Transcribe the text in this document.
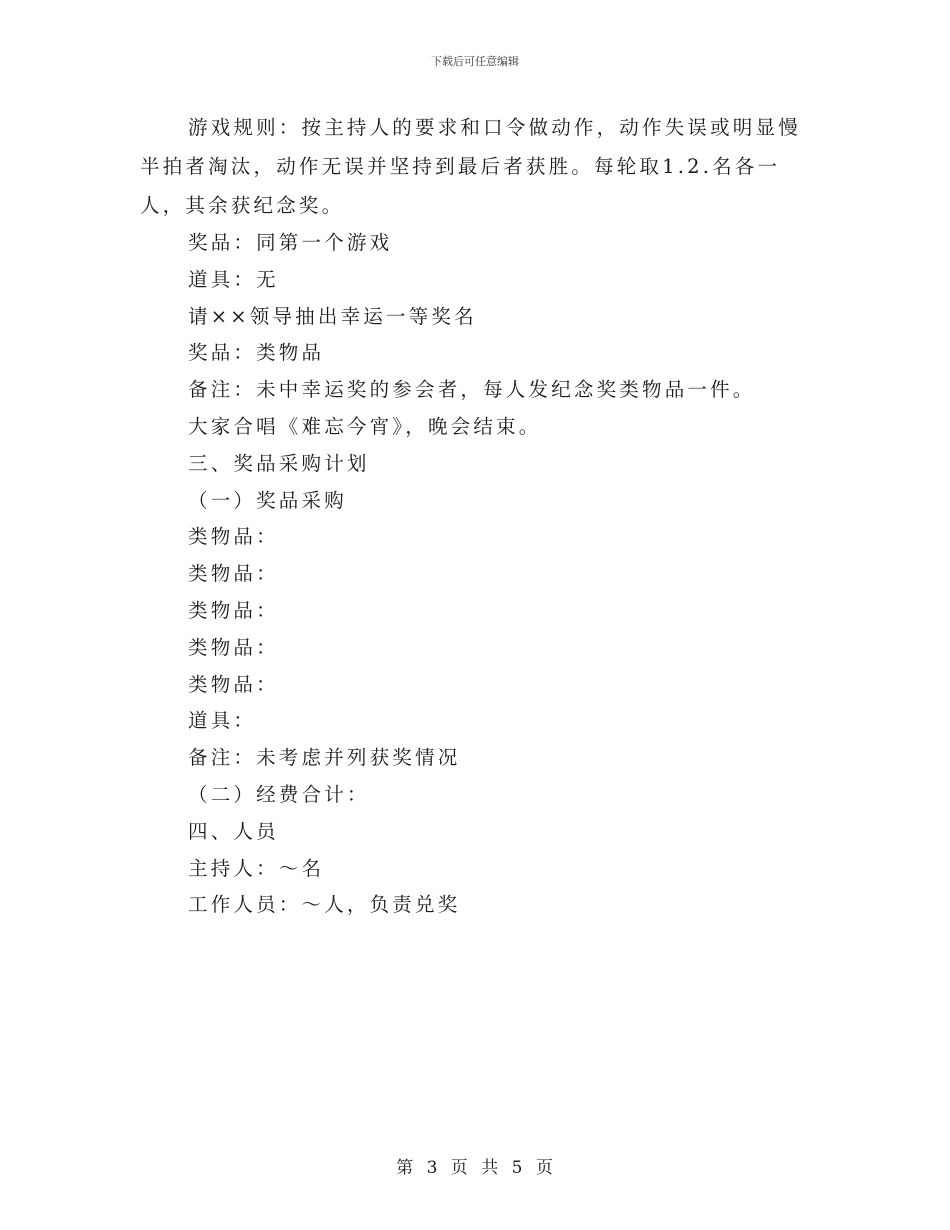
下载后可任意编辑

游戏规则：按主持人的要求和口令做动作，动作失误或明显慢半拍者淘汰，动作无误并坚持到最后者获胜。每轮取1.2.名各一人，其余获纪念奖。

奖品：同第一个游戏

道具：无

请××领导抽出幸运一等奖名

奖品：类物品

备注：未中幸运奖的参会者，每人发纪念奖类物品一件。

大家合唱《难忘今宵》，晚会结束。

三、奖品采购计划

（一）奖品采购

类物品：

类物品：

类物品：

类物品：

类物品：

道具：

备注：未考虑并列获奖情况

（二）经费合计：

四、人员

主持人：～名

工作人员：～人，负责兑奖

第 3 页 共 5 页
